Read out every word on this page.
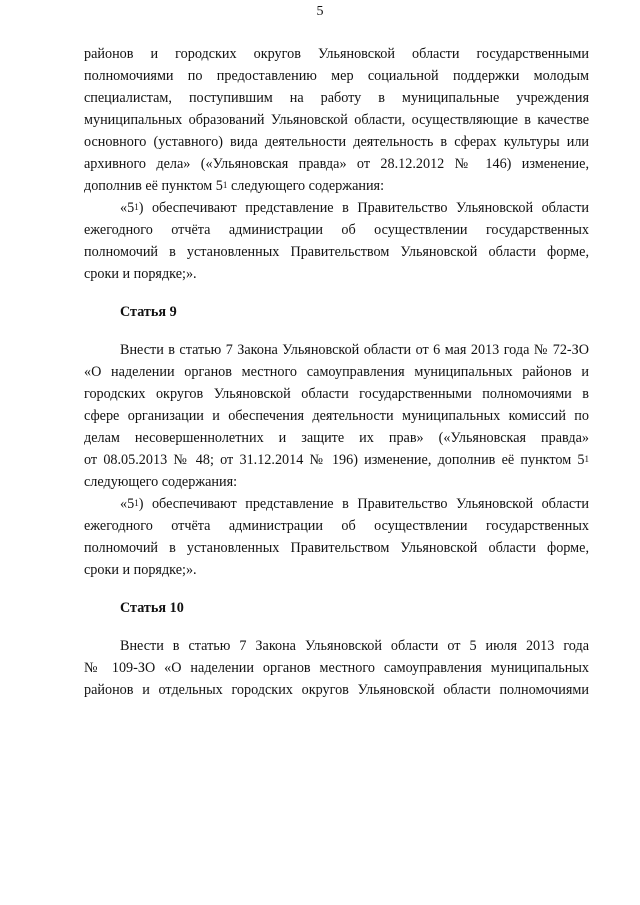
5
районов и городских округов Ульяновской области государственными
полномочиями по предоставлению мер социальной поддержки молодым
специалистам, поступившим на работу в муниципальные учреждения
муниципальных образований Ульяновской области, осуществляющие в качестве
основного (уставного) вида деятельности деятельность в сферах культуры или
архивного дела» («Ульяновская правда» от 28.12.2012 № 146) изменение,
дополнив её пунктом $5^1$ следующего содержания:
«$5^1$) обеспечивают представление в Правительство Ульяновской области
ежегодного отчёта администрации об осуществлении государственных
полномочий в установленных Правительством Ульяновской области форме,
сроки и порядке;».
Статья 9
Внести в статью 7 Закона Ульяновской области от 6 мая 2013 года № 72-ЗО
«О наделении органов местного самоуправления муниципальных районов и
городских округов Ульяновской области государственными полномочиями в
сфере организации и обеспечения деятельности муниципальных комиссий по
делам несовершеннолетних и защите их прав» («Ульяновская правда»
от 08.05.2013 № 48; от 31.12.2014 № 196) изменение, дополнив её пунктом $5^1$
следующего содержания:
«$5^1$) обеспечивают представление в Правительство Ульяновской области
ежегодного отчёта администрации об осуществлении государственных
полномочий в установленных Правительством Ульяновской области форме,
сроки и порядке;».
Статья 10
Внести в статью 7 Закона Ульяновской области от 5 июля 2013 года
№ 109-ЗО «О наделении органов местного самоуправления муниципальных
районов и отдельных городских округов Ульяновской области полномочиями
